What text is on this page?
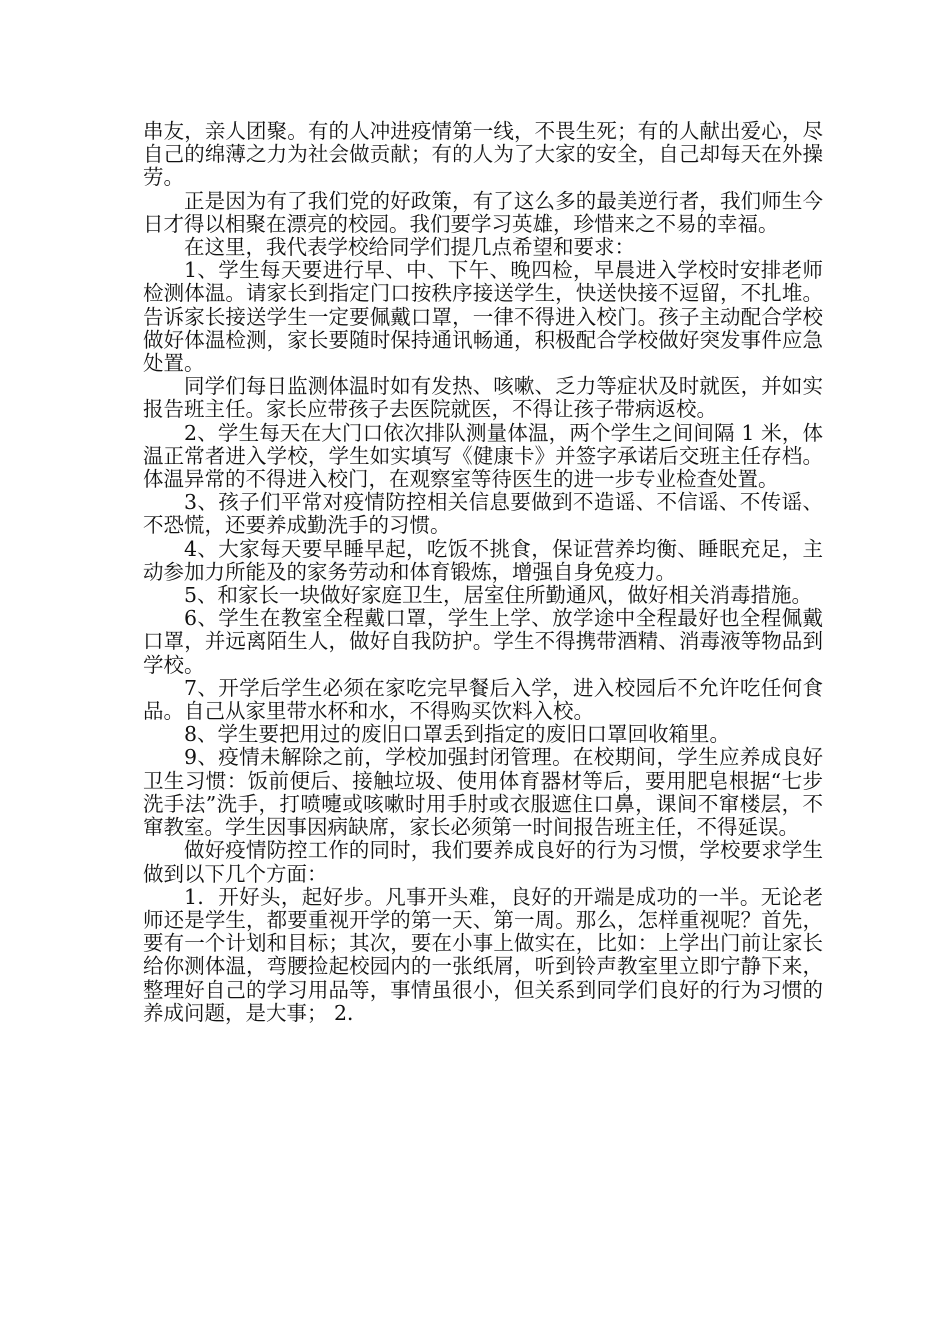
串友，亲人团聚。有的人冲进疫情第一线，不畏生死；有的人献出爱心，尽自己的绵薄之力为社会做贡献；有的人为了大家的安全，自己却每天在外操劳。

正是因为有了我们党的好政策，有了这么多的最美逆行者，我们师生今日才得以相聚在漂亮的校园。我们要学习英雄，珍惜来之不易的幸福。

在这里，我代表学校给同学们提几点希望和要求：

1、学生每天要进行早、中、下午、晚四检，早晨进入学校时安排老师检测体温。请家长到指定门口按秩序接送学生，快送快接不逗留，不扎堆。告诉家长接送学生一定要佩戴口罩，一律不得进入校门。孩子主动配合学校做好体温检测，家长要随时保持通讯畅通，积极配合学校做好突发事件应急处置。

同学们每日监测体温时如有发热、咳嗽、乏力等症状及时就医，并如实报告班主任。家长应带孩子去医院就医，不得让孩子带病返校。

2、学生每天在大门口依次排队测量体温，两个学生之间间隔 1 米，体温正常者进入学校，学生如实填写《健康卡》并签字承诺后交班主任存档。体温异常的不得进入校门，在观察室等待医生的进一步专业检查处置。

3、孩子们平常对疫情防控相关信息要做到不造谣、不信谣、不传谣、不恐慌，还要养成勤洗手的习惯。

4、大家每天要早睡早起，吃饭不挑食，保证营养均衡、睡眠充足，主动参加力所能及的家务劳动和体育锻炼，增强自身免疫力。

5、和家长一块做好家庭卫生，居室住所勤通风，做好相关消毒措施。

6、学生在教室全程戴口罩，学生上学、放学途中全程最好也全程佩戴口罩，并远离陌生人，做好自我防护。学生不得携带酒精、消毒液等物品到学校。

7、开学后学生必须在家吃完早餐后入学，进入校园后不允许吃任何食品。自己从家里带水杯和水，不得购买饮料入校。

8、学生要把用过的废旧口罩丢到指定的废旧口罩回收箱里。

9、疫情未解除之前，学校加强封闭管理。在校期间，学生应养成良好卫生习惯：饭前便后、接触垃圾、使用体育器材等后，要用肥皂根据“七步洗手法”洗手，打喷嚏或咳嗽时用手肘或衣服遮住口鼻，课间不窜楼层，不窜教室。学生因事因病缺席，家长必须第一时间报告班主任，不得延误。

做好疫情防控工作的同时，我们要养成良好的行为习惯，学校要求学生做到以下几个方面：

1．开好头，起好步。凡事开头难，良好的开端是成功的一半。无论老师还是学生，都要重视开学的第一天、第一周。那么，怎样重视呢？首先，要有一个计划和目标；其次，要在小事上做实在，比如：上学出门前让家长给你测体温，弯腰捡起校园内的一张纸屑，听到铃声教室里立即宁静下来，整理好自己的学习用品等，事情虽很小，但关系到同学们良好的行为习惯的养成问题，是大事； 2．
